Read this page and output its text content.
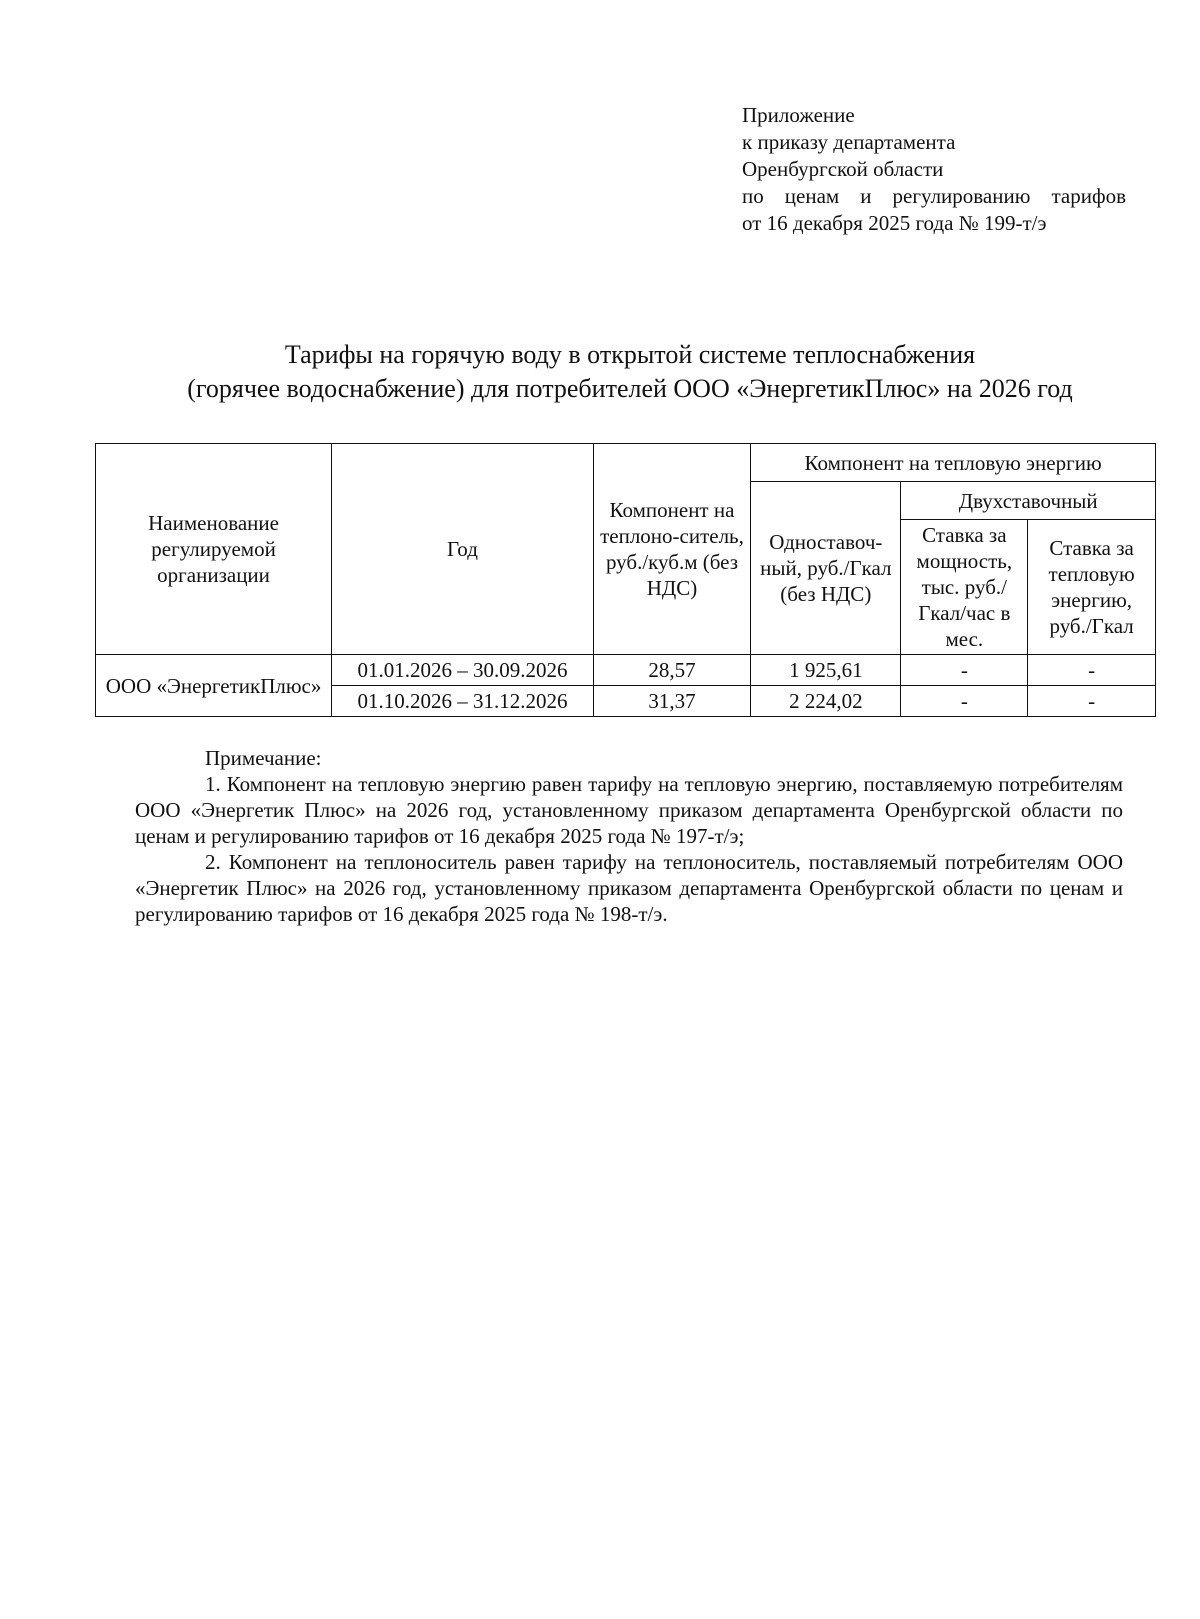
Приложение
к приказу департамента
Оренбургской области
по ценам и регулированию тарифов
от 16 декабря 2025 года № 199-т/э
Тарифы на горячую воду в открытой системе теплоснабжения
(горячее водоснабжение) для потребителей ООО «ЭнергетикПлюс» на 2026 год
Наименование регулируемой организации	Год	Компонент на теплоно-ситель, руб./куб.м (без НДС)	Компонент на тепловую энергию		
			Одноставоч-ный, руб./Гкал (без НДС)	Двухставочный	
				Ставка за мощность, тыс. руб./ Гкал/час в мес.	Ставка за тепловую энергию, руб./Гкал
ООО «ЭнергетикПлюс»	01.01.2026 – 30.09.2026	28,57	1 925,61	-	-
	01.10.2026 – 31.12.2026	31,37	2 224,02	-	-

Примечание:

1. Компонент на тепловую энергию равен тарифу на тепловую энергию, поставляемую потребителям ООО «Энергетик Плюс» на 2026 год, установленному приказом департамента Оренбургской области по ценам и регулированию тарифов от 16 декабря 2025 года № 197-т/э;

2. Компонент на теплоноситель равен тарифу на теплоноситель, поставляемый потребителям ООО «Энергетик Плюс» на 2026 год, установленному приказом департамента Оренбургской области по ценам и регулированию тарифов от 16 декабря 2025 года № 198-т/э.
